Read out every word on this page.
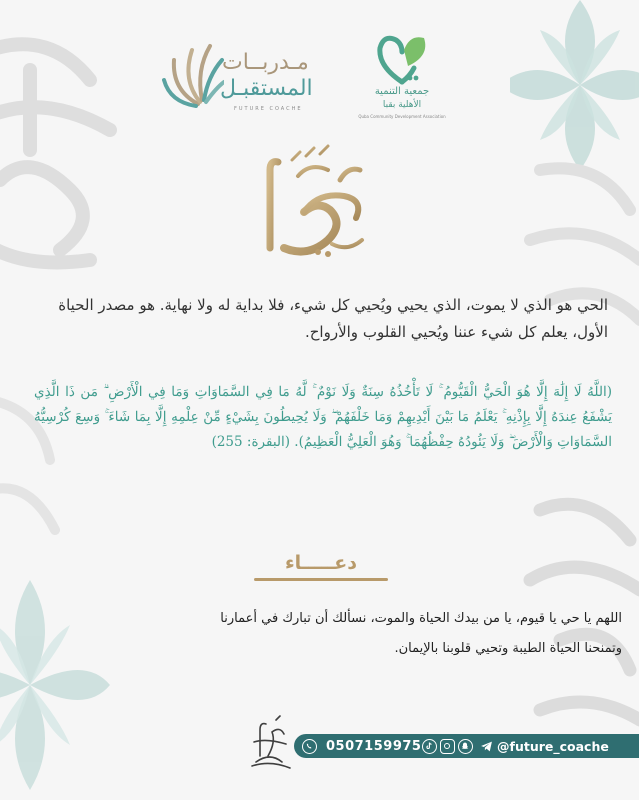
مـدربــات
المستقبـل
FUTURE COACHE
جمعية التنمية
الأهلية بقبا
Quba Community Development Association

الحي هو الذي لا يموت، الذي يحيي ويُحيي كل شيء، فلا بداية له ولا نهاية. هو مصدر الحياة الأول، يعلم كل شيء عننا ويُحيي القلوب والأرواح.

(اللَّهُ لَا إِلَٰهَ إِلَّا هُوَ الْحَيُّ الْقَيُّومُ ۚ لَا تَأْخُذُهُ سِنَةٌ وَلَا نَوْمٌ ۚ لَّهُ مَا فِي السَّمَاوَاتِ وَمَا فِي الْأَرْضِ ۗ مَن ذَا الَّذِي يَشْفَعُ عِندَهُ إِلَّا بِإِذْنِهِ ۚ يَعْلَمُ مَا بَيْنَ أَيْدِيهِمْ وَمَا خَلْفَهُمْ ۖ وَلَا يُحِيطُونَ بِشَيْءٍ مِّنْ عِلْمِهِ إِلَّا بِمَا شَاءَ ۚ وَسِعَ كُرْسِيُّهُ السَّمَاوَاتِ وَالْأَرْضَ ۖ وَلَا يَئُودُهُ حِفْظُهُمَا ۚ وَهُوَ الْعَلِيُّ الْعَظِيمُ). (البقرة: 255)

دعـــــاء
اللهم يا حي يا قيوم، يا من بيدك الحياة والموت، نسألك أن تبارك في أعمارنا
وتمنحنا الحياة الطيبة وتحيي قلوبنا بالإيمان.
0507159975	@future_coache
